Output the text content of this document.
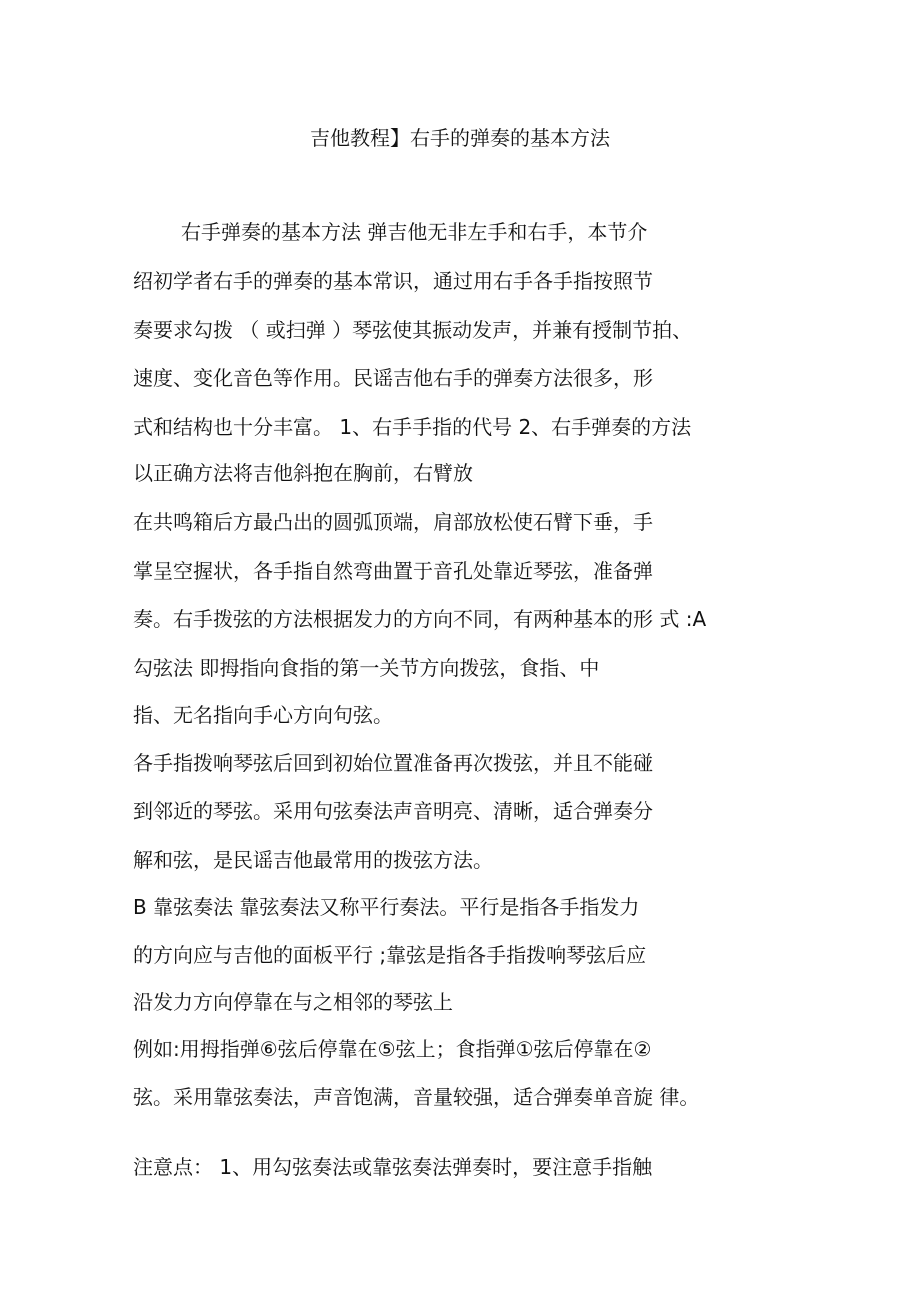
吉他教程】右手的弹奏的基本方法
右手弹奏的基本方法 弹吉他无非左手和右手，本节介
绍初学者右手的弹奏的基本常识，通过用右手各手指按照节
奏要求勾拨 （ 或扫弹 ）琴弦使其振动发声，并兼有授制节拍、
速度、变化音色等作用。民谣吉他右手的弹奏方法很多，形
式和结构也十分丰富。 1、右手手指的代号 2、右手弹奏的方法
以正确方法将吉他斜抱在胸前，右臂放
在共鸣箱后方最凸出的圆弧顶端，肩部放松使石臂下垂，手
掌呈空握状，各手指自然弯曲置于音孔处靠近琴弦，准备弹
奏。右手拨弦的方法根据发力的方向不同，有两种基本的形 式 :A
勾弦法 即拇指向食指的第一关节方向拨弦，食指、中
指、无名指向手心方向句弦。
各手指拨响琴弦后回到初始位置准备再次拨弦，并且不能碰
到邻近的琴弦。采用句弦奏法声音明亮、清晰，适合弹奏分
解和弦，是民谣吉他最常用的拨弦方法。
B 靠弦奏法 靠弦奏法又称平行奏法。平行是指各手指发力
的方向应与吉他的面板平行 ;靠弦是指各手指拨响琴弦后应
沿发力方向停靠在与之相邻的琴弦上
例如:用拇指弹⑥弦后停靠在⑤弦上；食指弹①弦后停靠在②
弦。采用靠弦奏法，声音饱满，音量较强，适合弹奏单音旋 律。
注意点： 1、用勾弦奏法或靠弦奏法弹奏时，要注意手指触
